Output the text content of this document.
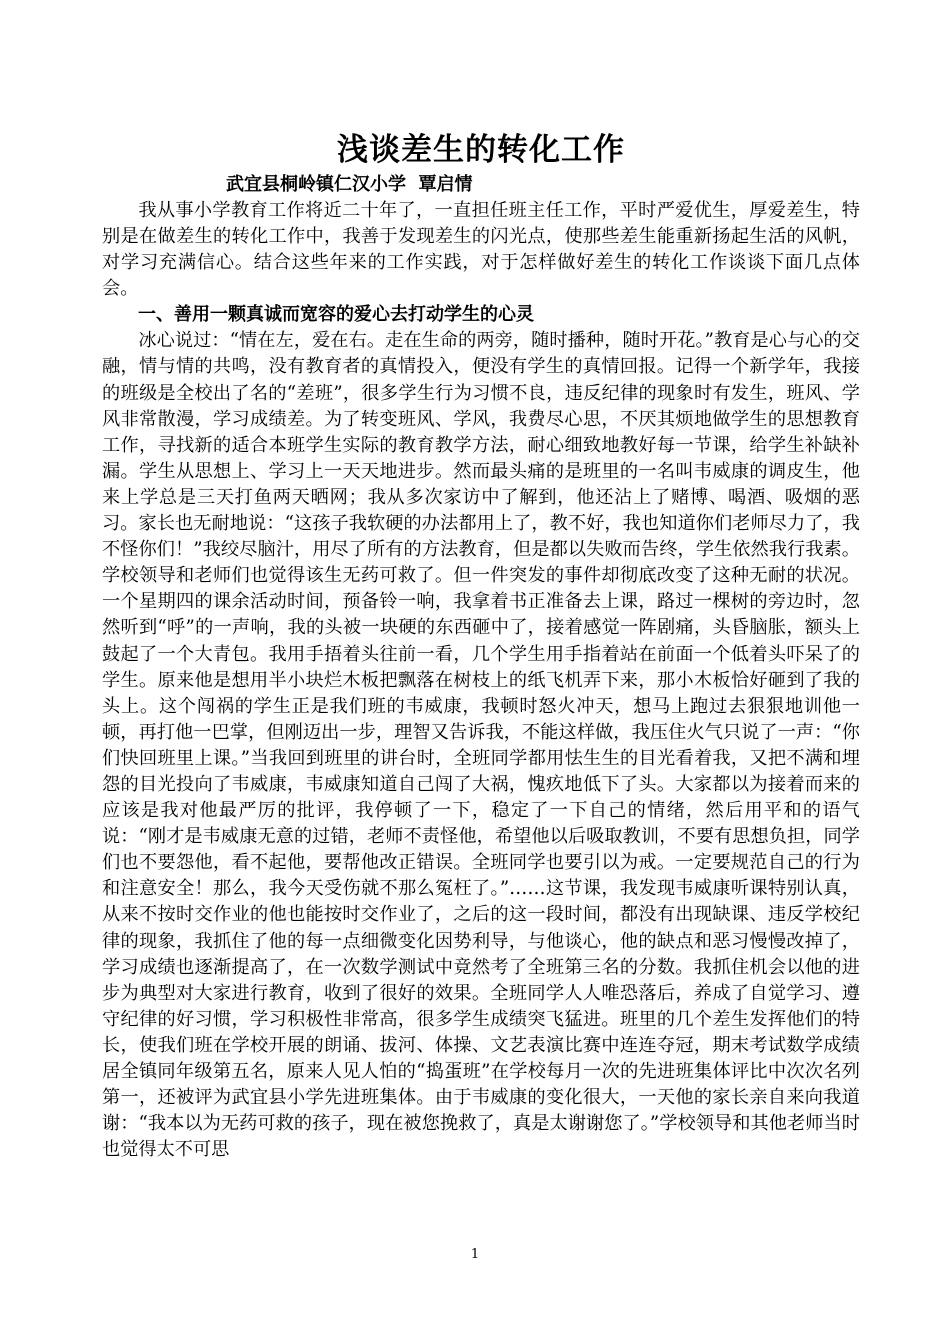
浅谈差生的转化工作

武宜县桐岭镇仁汉小学  覃启情

我从事小学教育工作将近二十年了，一直担任班主任工作，平时严爱优生，厚爱差生，特别是在做差生的转化工作中，我善于发现差生的闪光点，使那些差生能重新扬起生活的风帆，对学习充满信心。结合这些年来的工作实践，对于怎样做好差生的转化工作谈谈下面几点体会。

一、善用一颗真诚而宽容的爱心去打动学生的心灵

冰心说过：“情在左，爱在右。走在生命的两旁，随时播种，随时开花。”教育是心与心的交融，情与情的共鸣，没有教育者的真情投入，便没有学生的真情回报。记得一个新学年，我接的班级是全校出了名的“差班”，很多学生行为习惯不良，违反纪律的现象时有发生，班风、学风非常散漫，学习成绩差。为了转变班风、学风，我费尽心思，不厌其烦地做学生的思想教育工作，寻找新的适合本班学生实际的教育教学方法，耐心细致地教好每一节课，给学生补缺补漏。学生从思想上、学习上一天天地进步。然而最头痛的是班里的一名叫韦威康的调皮生，他来上学总是三天打鱼两天晒网；我从多次家访中了解到，他还沾上了赌博、喝酒、吸烟的恶习。家长也无耐地说：“这孩子我软硬的办法都用上了，教不好，我也知道你们老师尽力了，我不怪你们！”我绞尽脑汁，用尽了所有的方法教育，但是都以失败而告终，学生依然我行我素。学校领导和老师们也觉得该生无药可救了。但一件突发的事件却彻底改变了这种无耐的状况。一个星期四的课余活动时间，预备铃一响，我拿着书正准备去上课，路过一棵树的旁边时，忽然听到“呼”的一声响，我的头被一块硬的东西砸中了，接着感觉一阵剧痛，头昏脑胀，额头上鼓起了一个大青包。我用手捂着头往前一看，几个学生用手指着站在前面一个低着头吓呆了的学生。原来他是想用半小块烂木板把飘落在树枝上的纸飞机弄下来，那小木板恰好砸到了我的头上。这个闯祸的学生正是我们班的韦威康，我顿时怒火冲天，想马上跑过去狠狠地训他一顿，再打他一巴掌，但刚迈出一步，理智又告诉我，不能这样做，我压住火气只说了一声：“你们快回班里上课。”当我回到班里的讲台时，全班同学都用怯生生的目光看着我，又把不满和埋怨的目光投向了韦威康，韦威康知道自己闯了大祸，愧疚地低下了头。大家都以为接着而来的应该是我对他最严厉的批评，我停顿了一下，稳定了一下自己的情绪，然后用平和的语气说：“刚才是韦威康无意的过错，老师不责怪他，希望他以后吸取教训，不要有思想负担，同学们也不要怨他，看不起他，要帮他改正错误。全班同学也要引以为戒。一定要规范自己的行为和注意安全！那么，我今天受伤就不那么冤枉了。”……这节课，我发现韦威康听课特别认真，从来不按时交作业的他也能按时交作业了，之后的这一段时间，都没有出现缺课、违反学校纪律的现象，我抓住了他的每一点细微变化因势利导，与他谈心，他的缺点和恶习慢慢改掉了，学习成绩也逐渐提高了，在一次数学测试中竟然考了全班第三名的分数。我抓住机会以他的进步为典型对大家进行教育，收到了很好的效果。全班同学人人唯恐落后，养成了自觉学习、遵守纪律的好习惯，学习积极性非常高，很多学生成绩突飞猛进。班里的几个差生发挥他们的特长，使我们班在学校开展的朗诵、拔河、体操、文艺表演比赛中连连夺冠，期末考试数学成绩居全镇同年级第五名，原来人见人怕的“捣蛋班”在学校每月一次的先进班集体评比中次次名列第一，还被评为武宜县小学先进班集体。由于韦威康的变化很大，一天他的家长亲自来向我道谢：“我本以为无药可救的孩子，现在被您挽救了，真是太谢谢您了。”学校领导和其他老师当时也觉得太不可思

1
